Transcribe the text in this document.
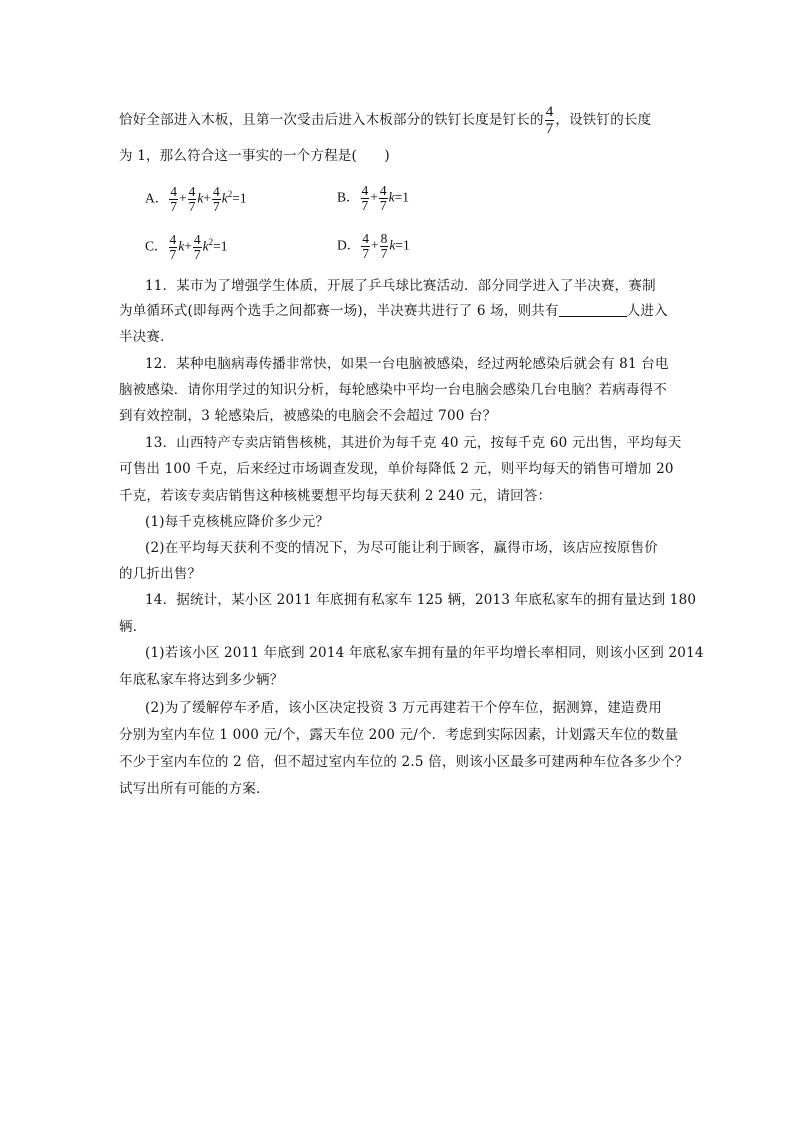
恰好全部进入木板，且第一次受击后进入木板部分的铁钉长度是钉长的 $\frac{4}{7}$ ，设铁钉的长度
为 1，那么符合这一事实的一个方程是(　　)
A． $\frac{4}{7} + \frac{4}{7} k+ \frac{4}{7} k^2=1$	B． $\frac{4}{7} + \frac{4}{7} k=1$
C． $\frac{4}{7} k+ \frac{4}{7} k^2=1$	D． $\frac{4}{7} + \frac{8}{7} k=1$
11．某市为了增强学生体质，开展了乒乓球比赛活动．部分同学进入了半决赛，赛制
为单循环式(即每两个选手之间都赛一场)，半决赛共进行了 6 场，则共有	人进入
半决赛．
12．某种电脑病毒传播非常快，如果一台电脑被感染，经过两轮感染后就会有 81 台电
脑被感染．请你用学过的知识分析，每轮感染中平均一台电脑会感染几台电脑？若病毒得不
到有效控制，3 轮感染后，被感染的电脑会不会超过 700 台？
13．山西特产专卖店销售核桃，其进价为每千克 40 元，按每千克 60 元出售，平均每天
可售出 100 千克，后来经过市场调查发现，单价每降低 2 元，则平均每天的销售可增加 20
千克，若该专卖店销售这种核桃要想平均每天获利 2 240 元，请回答：
(1)每千克核桃应降价多少元？
(2)在平均每天获利不变的情况下，为尽可能让利于顾客，赢得市场，该店应按原售价
的几折出售？
14．据统计，某小区 2011 年底拥有私家车 125 辆，2013 年底私家车的拥有量达到 180
辆．
(1)若该小区 2011 年底到 2014 年底私家车拥有量的年平均增长率相同，则该小区到 2014
年底私家车将达到多少辆？
(2)为了缓解停车矛盾，该小区决定投资 3 万元再建若干个停车位，据测算，建造费用
分别为室内车位 1 000 元/个，露天车位 200 元/个．考虑到实际因素，计划露天车位的数量
不少于室内车位的 2 倍，但不超过室内车位的 2.5 倍，则该小区最多可建两种车位各多少个？
试写出所有可能的方案．
